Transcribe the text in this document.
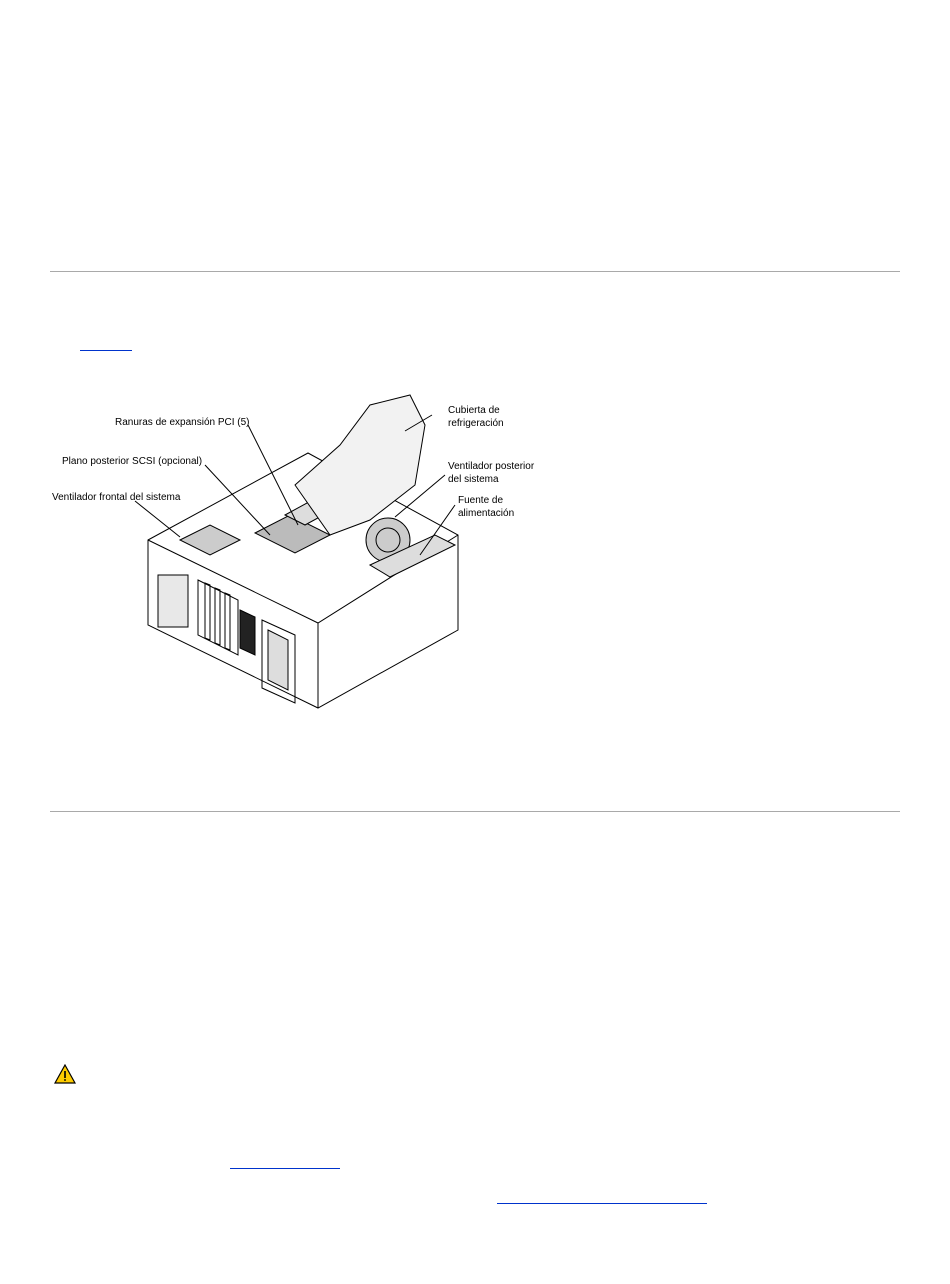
Ranuras de expansión PCI (5)
Plano posterior SCSI (opcional)
Ventilador frontal del sistema
Cubierta de
refrigeración
Ventilador posterior
del sistema
Fuente de
alimentación
